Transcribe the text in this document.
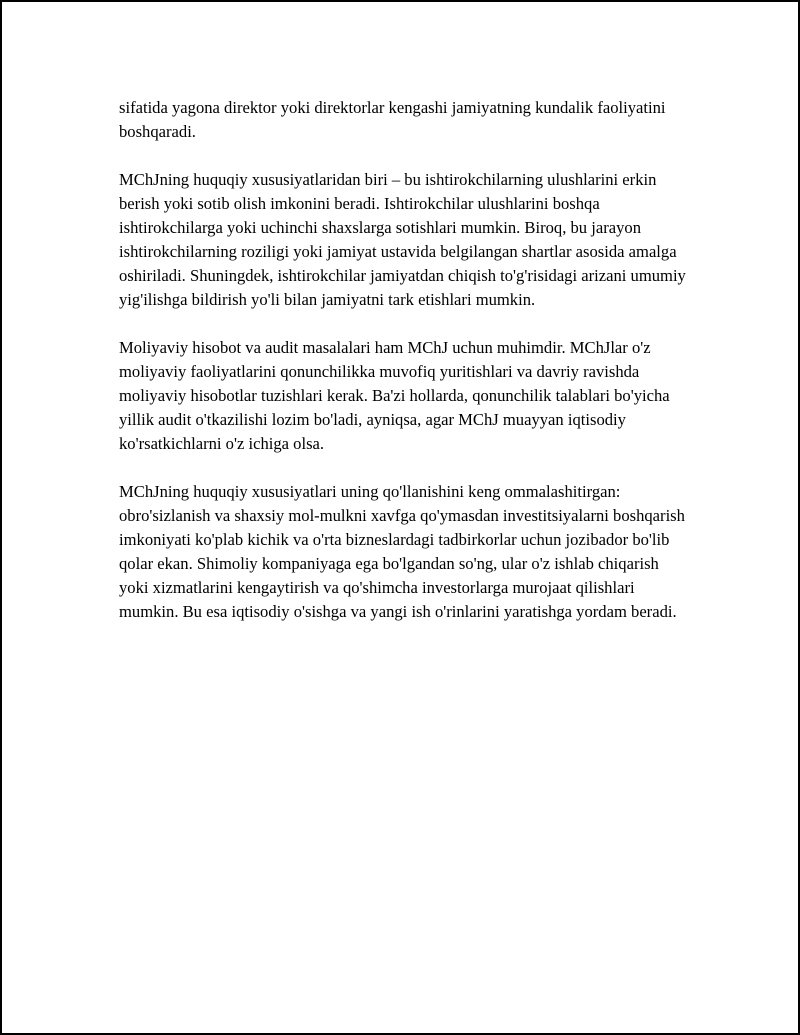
sifatida yagona direktor yoki direktorlar kengashi jamiyatning kundalik faoliyatini boshqaradi.

MChJning huquqiy xususiyatlaridan biri – bu ishtirokchilarning ulushlarini erkin berish yoki sotib olish imkonini beradi. Ishtirokchilar ulushlarini boshqa ishtirokchilarga yoki uchinchi shaxslarga sotishlari mumkin. Biroq, bu jarayon ishtirokchilarning roziligi yoki jamiyat ustavida belgilangan shartlar asosida amalga oshiriladi. Shuningdek, ishtirokchilar jamiyatdan chiqish to'g'risidagi arizani umumiy yig'ilishga bildirish yo'li bilan jamiyatni tark etishlari mumkin.

Moliyaviy hisobot va audit masalalari ham MChJ uchun muhimdir. MChJlar o'z moliyaviy faoliyatlarini qonunchilikka muvofiq yuritishlari va davriy ravishda moliyaviy hisobotlar tuzishlari kerak. Ba'zi hollarda, qonunchilik talablari bo'yicha yillik audit o'tkazilishi lozim bo'ladi, ayniqsa, agar MChJ muayyan iqtisodiy ko'rsatkichlarni o'z ichiga olsa.

MChJning huquqiy xususiyatlari uning qo'llanishini keng ommalashitirgan: obro'sizlanish va shaxsiy mol-mulkni xavfga qo'ymasdan investitsiyalarni boshqarish imkoniyati ko'plab kichik va o'rta bizneslardagi tadbirkorlar uchun jozibador bo'lib qolar ekan. Shimoliy kompaniyaga ega bo'lgandan so'ng, ular o'z ishlab chiqarish yoki xizmatlarini kengaytirish va qo'shimcha investorlarga murojaat qilishlari mumkin. Bu esa iqtisodiy o'sishga va yangi ish o'rinlarini yaratishga yordam beradi.
